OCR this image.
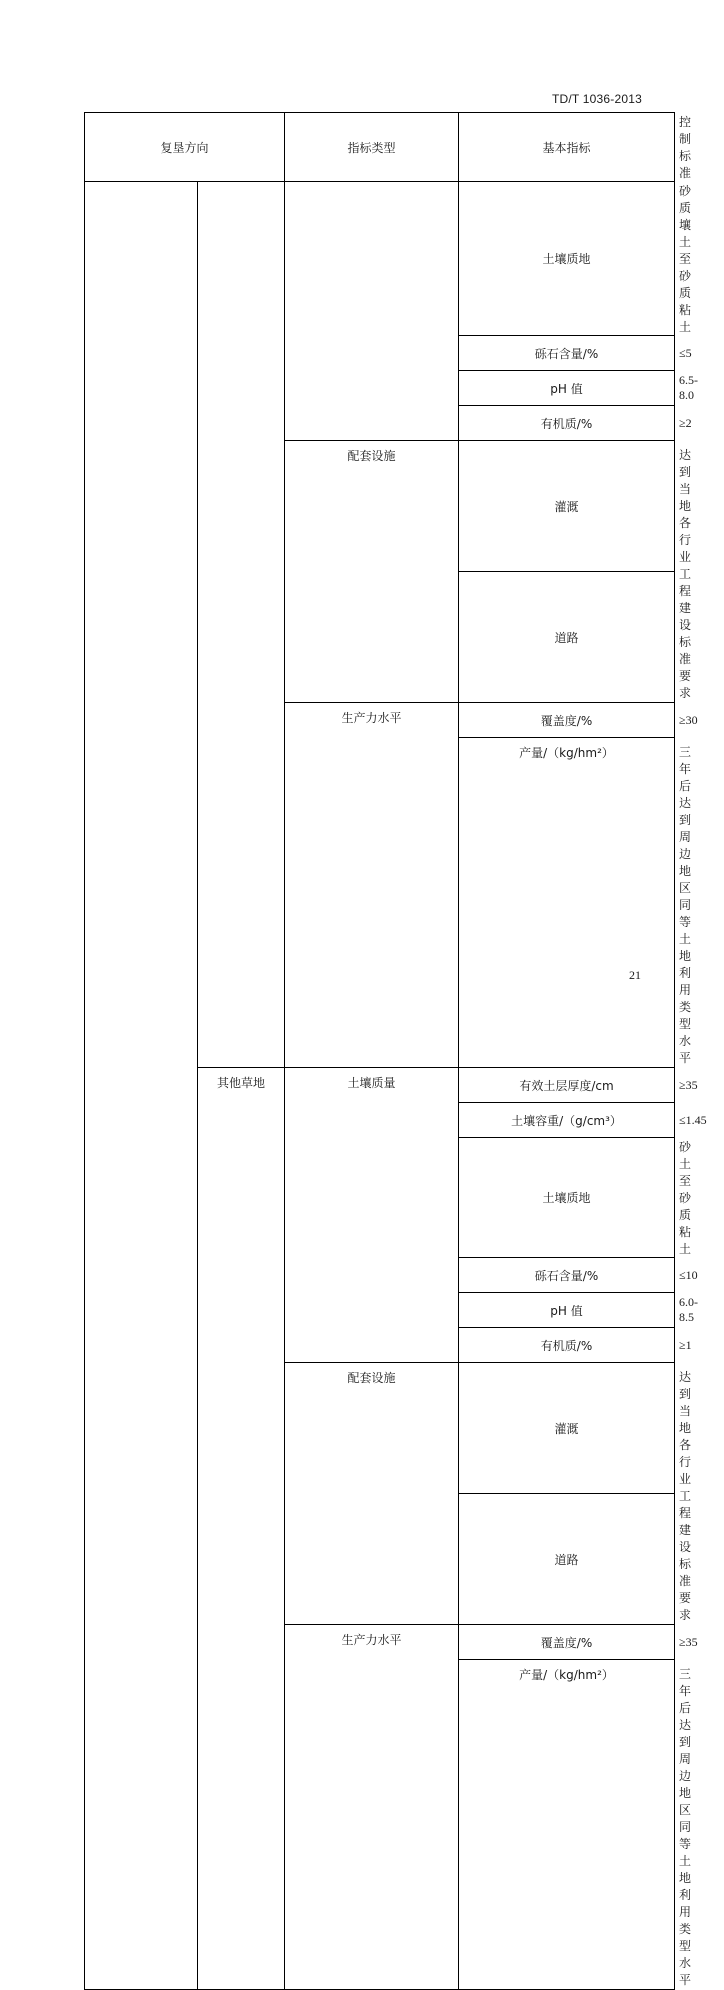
TD/T 1036-2013
复垦方向		指标类型	基本指标	控制标准
			土壤质地	砂质壤土至砂质粘土
			砾石含量/%	≤5
			pH 值	6.5-8.0
			有机质/%	≥2
		配套设施	灌溉	达到当地各行业工程建设标准要求
			道路	
		生产力水平	覆盖度/%	≥30
			产量/（kg/hm²）	三年后达到周边地区同等土地利用类型水平
	其他草地	土壤质量	有效土层厚度/cm	≥35
			土壤容重/（g/cm³）	≤1.45
			土壤质地	砂土至砂质粘土
			砾石含量/%	≤10
			pH 值	6.0-8.5
			有机质/%	≥1
		配套设施	灌溉	达到当地各行业工程建设标准要求
			道路	
		生产力水平	覆盖度/%	≥35
			产量/（kg/hm²）	三年后达到周边地区同等土地利用类型水平
21
